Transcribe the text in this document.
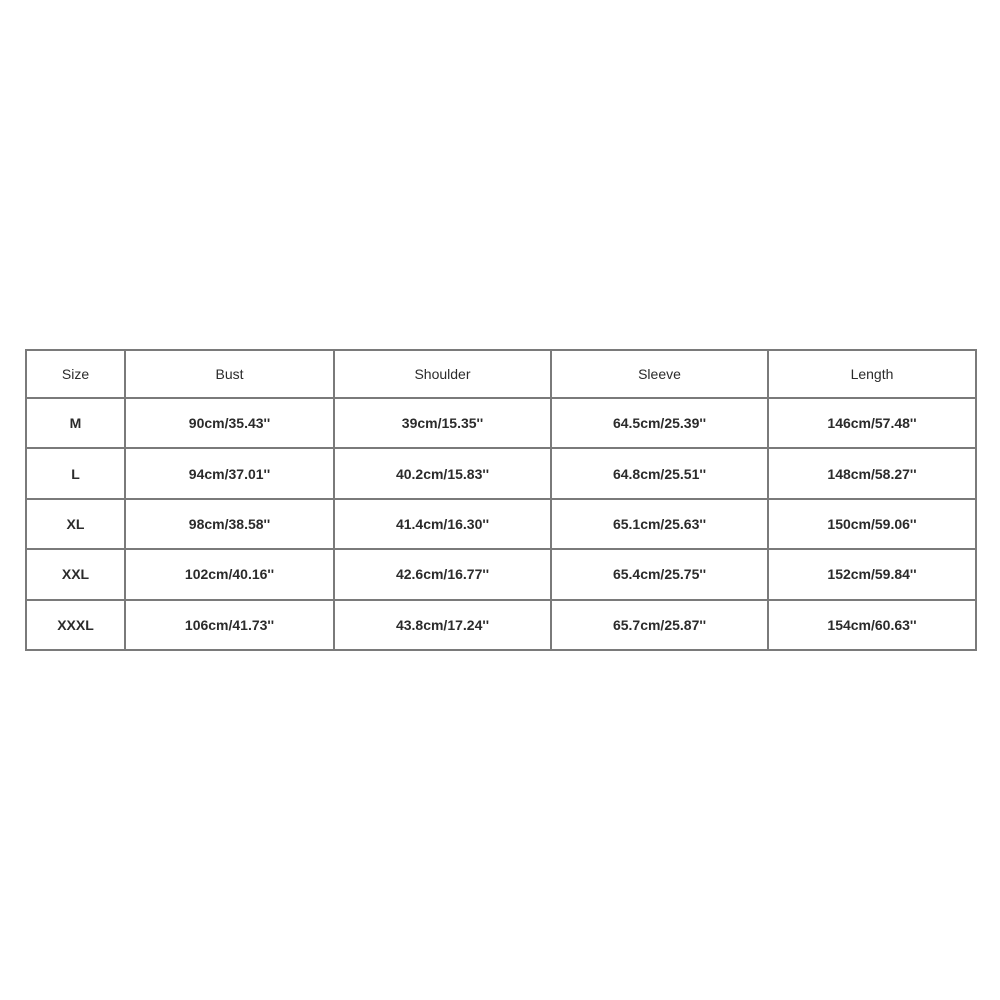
Size	Bust	Shoulder	Sleeve	Length
M	90cm/35.43''	39cm/15.35''	64.5cm/25.39''	146cm/57.48''
L	94cm/37.01''	40.2cm/15.83''	64.8cm/25.51''	148cm/58.27''
XL	98cm/38.58''	41.4cm/16.30''	65.1cm/25.63''	150cm/59.06''
XXL	102cm/40.16''	42.6cm/16.77''	65.4cm/25.75''	152cm/59.84''
XXXL	106cm/41.73''	43.8cm/17.24''	65.7cm/25.87''	154cm/60.63''
